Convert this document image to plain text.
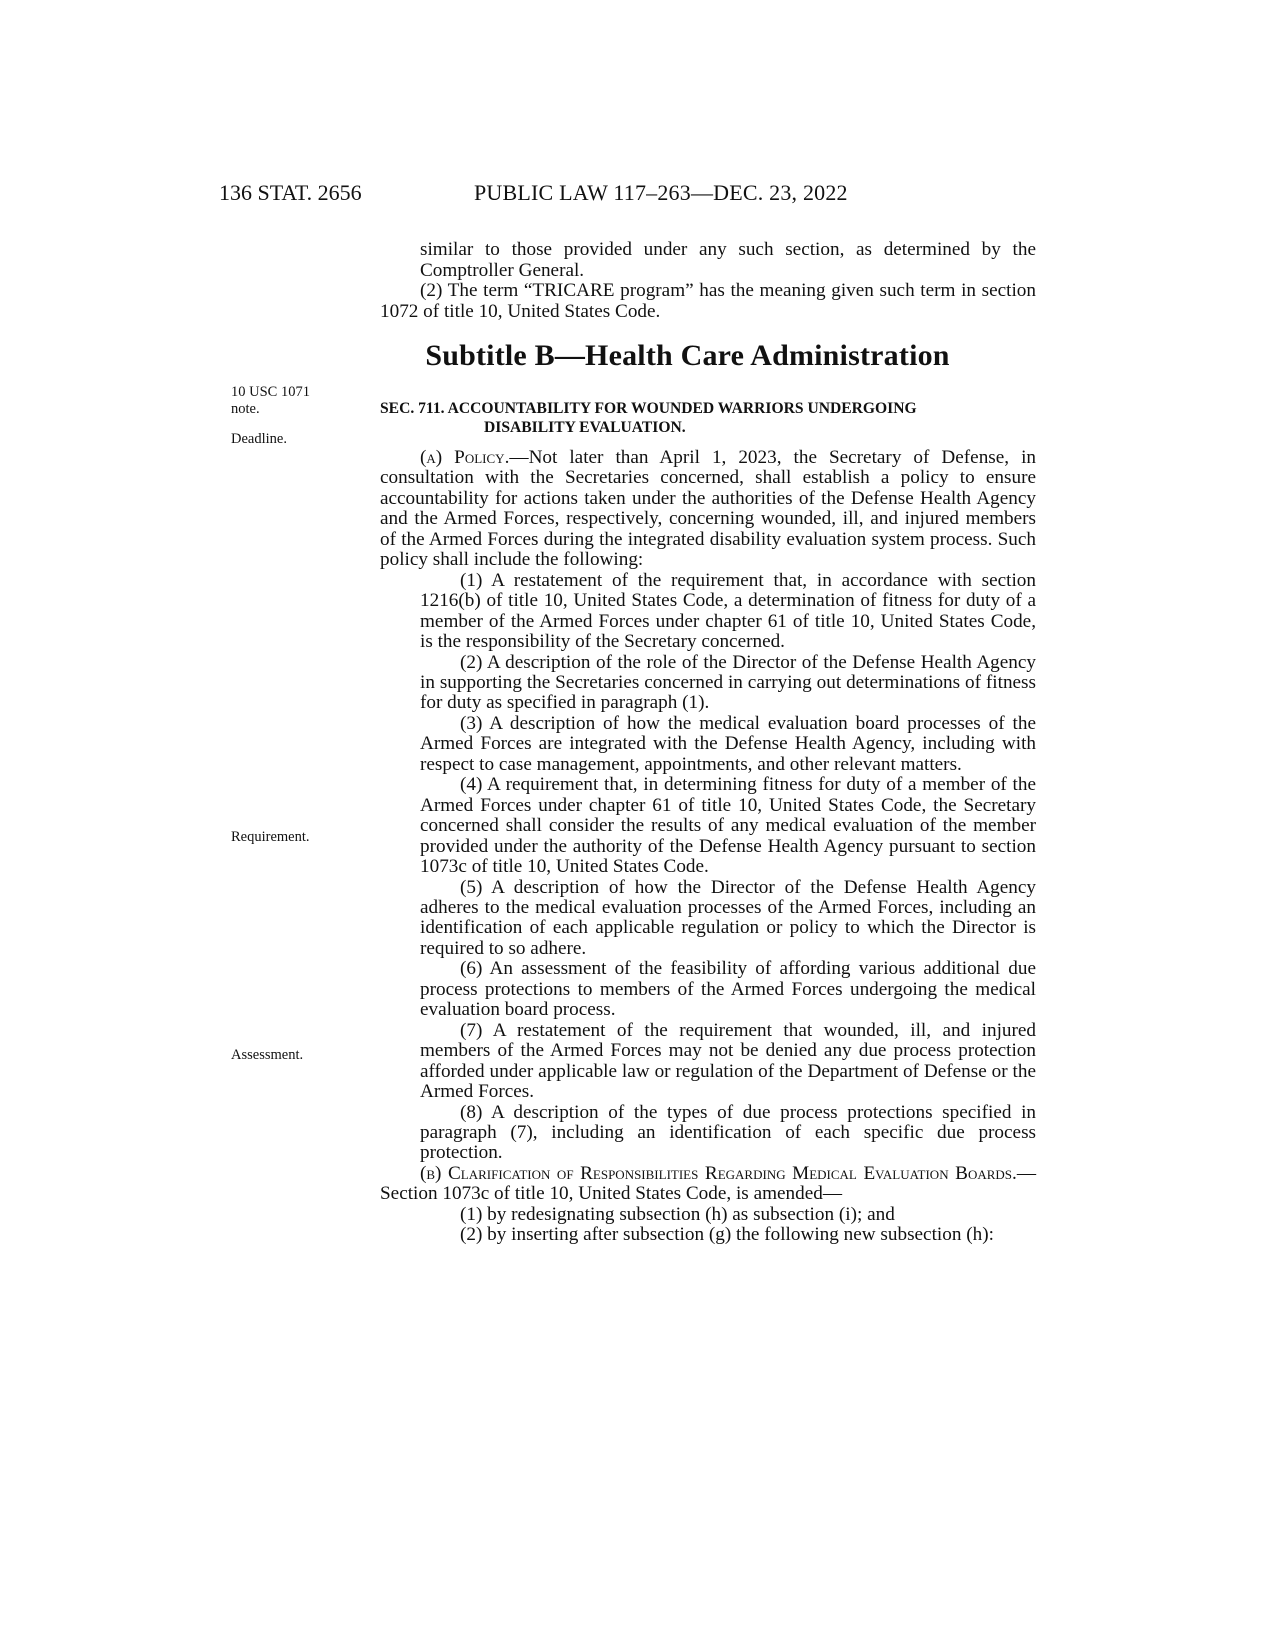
136 STAT. 2656	PUBLIC LAW 117–263—DEC. 23, 2022

similar to those provided under any such section, as determined by the Comptroller General.

(2) The term “TRICARE program” has the meaning given such term in section 1072 of title 10, United States Code.

Subtitle B—Health Care Administration
10 USC 1071 note.
Deadline.
Requirement.
Assessment.
SEC. 711. ACCOUNTABILITY FOR WOUNDED WARRIORS UNDERGOING
DISABILITY EVALUATION.

(a) Policy.—Not later than April 1, 2023, the Secretary of Defense, in consultation with the Secretaries concerned, shall establish a policy to ensure accountability for actions taken under the authorities of the Defense Health Agency and the Armed Forces, respectively, concerning wounded, ill, and injured members of the Armed Forces during the integrated disability evaluation system process. Such policy shall include the following:

(1) A restatement of the requirement that, in accordance with section 1216(b) of title 10, United States Code, a determination of fitness for duty of a member of the Armed Forces under chapter 61 of title 10, United States Code, is the responsibility of the Secretary concerned.

(2) A description of the role of the Director of the Defense Health Agency in supporting the Secretaries concerned in carrying out determinations of fitness for duty as specified in paragraph (1).

(3) A description of how the medical evaluation board processes of the Armed Forces are integrated with the Defense Health Agency, including with respect to case management, appointments, and other relevant matters.

(4) A requirement that, in determining fitness for duty of a member of the Armed Forces under chapter 61 of title 10, United States Code, the Secretary concerned shall consider the results of any medical evaluation of the member provided under the authority of the Defense Health Agency pursuant to section 1073c of title 10, United States Code.

(5) A description of how the Director of the Defense Health Agency adheres to the medical evaluation processes of the Armed Forces, including an identification of each applicable regulation or policy to which the Director is required to so adhere.

(6) An assessment of the feasibility of affording various additional due process protections to members of the Armed Forces undergoing the medical evaluation board process.

(7) A restatement of the requirement that wounded, ill, and injured members of the Armed Forces may not be denied any due process protection afforded under applicable law or regulation of the Department of Defense or the Armed Forces.

(8) A description of the types of due process protections specified in paragraph (7), including an identification of each specific due process protection.

(b) Clarification of Responsibilities Regarding Medical Evaluation Boards.—Section 1073c of title 10, United States Code, is amended—

(1) by redesignating subsection (h) as subsection (i); and

(2) by inserting after subsection (g) the following new subsection (h):
